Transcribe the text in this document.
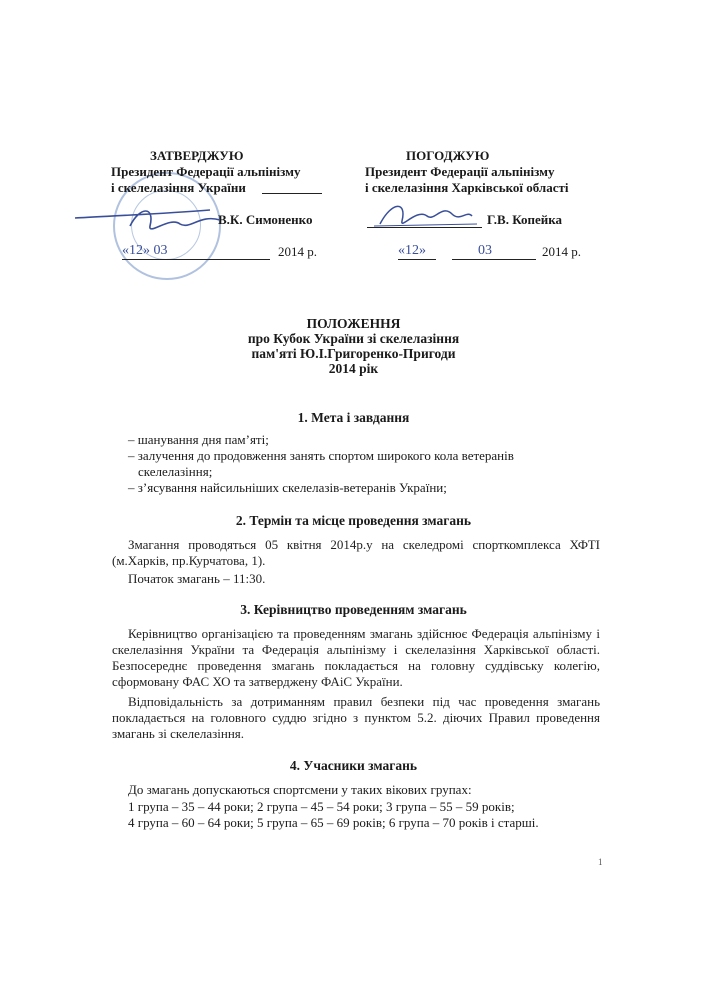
ЗАТВЕРДЖУЮ
Президент Федерації альпінізму
і скелелазіння України
В.К. Симоненко
«12» 03	2014 р.
ПОГОДЖУЮ
Президент Федерації альпінізму
і скелелазіння Харківської області
Г.В. Копейка
«12»	03	2014 р.
ПОЛОЖЕННЯ
про Кубок України зі скелелазіння
пам'яті Ю.І.Григоренко-Пригоди
2014 рік
1. Мета і завдання
– шанування дня пам’яті;
– залучення до продовження занять спортом широкого кола ветеранів
скелелазіння;
– з’ясування найсильніших скелелазів-ветеранів України;
2. Термін та місце проведення змагань
Змагання проводяться 05 квітня 2014р.у на скеледромі спорткомплекса ХФТІ (м.Харків, пр.Курчатова, 1).
Початок змагань – 11:30.
3. Керівництво проведенням змагань
Керівництво організацією та проведенням змагань здійснює Федерація альпінізму і скелелазіння України та Федерація альпінізму і скелелазіння Харківської області. Безпосереднє проведення змагань покладається на головну суддівську колегію, сформовану ФАС ХО та затверджену ФАіС України.
Відповідальність за дотриманням правил безпеки під час проведення змагань покладається на головного суддю згідно з пунктом 5.2. діючих Правил проведення змагань зі скелелазіння.
4. Учасники змагань
До змагань допускаються спортсмени у таких вікових групах:
1 група – 35 – 44 роки; 2 група – 45 – 54 роки; 3 група – 55 – 59 років;
4 група – 60 – 64 роки; 5 група – 65 – 69 років; 6 група – 70 років і старші.
1
